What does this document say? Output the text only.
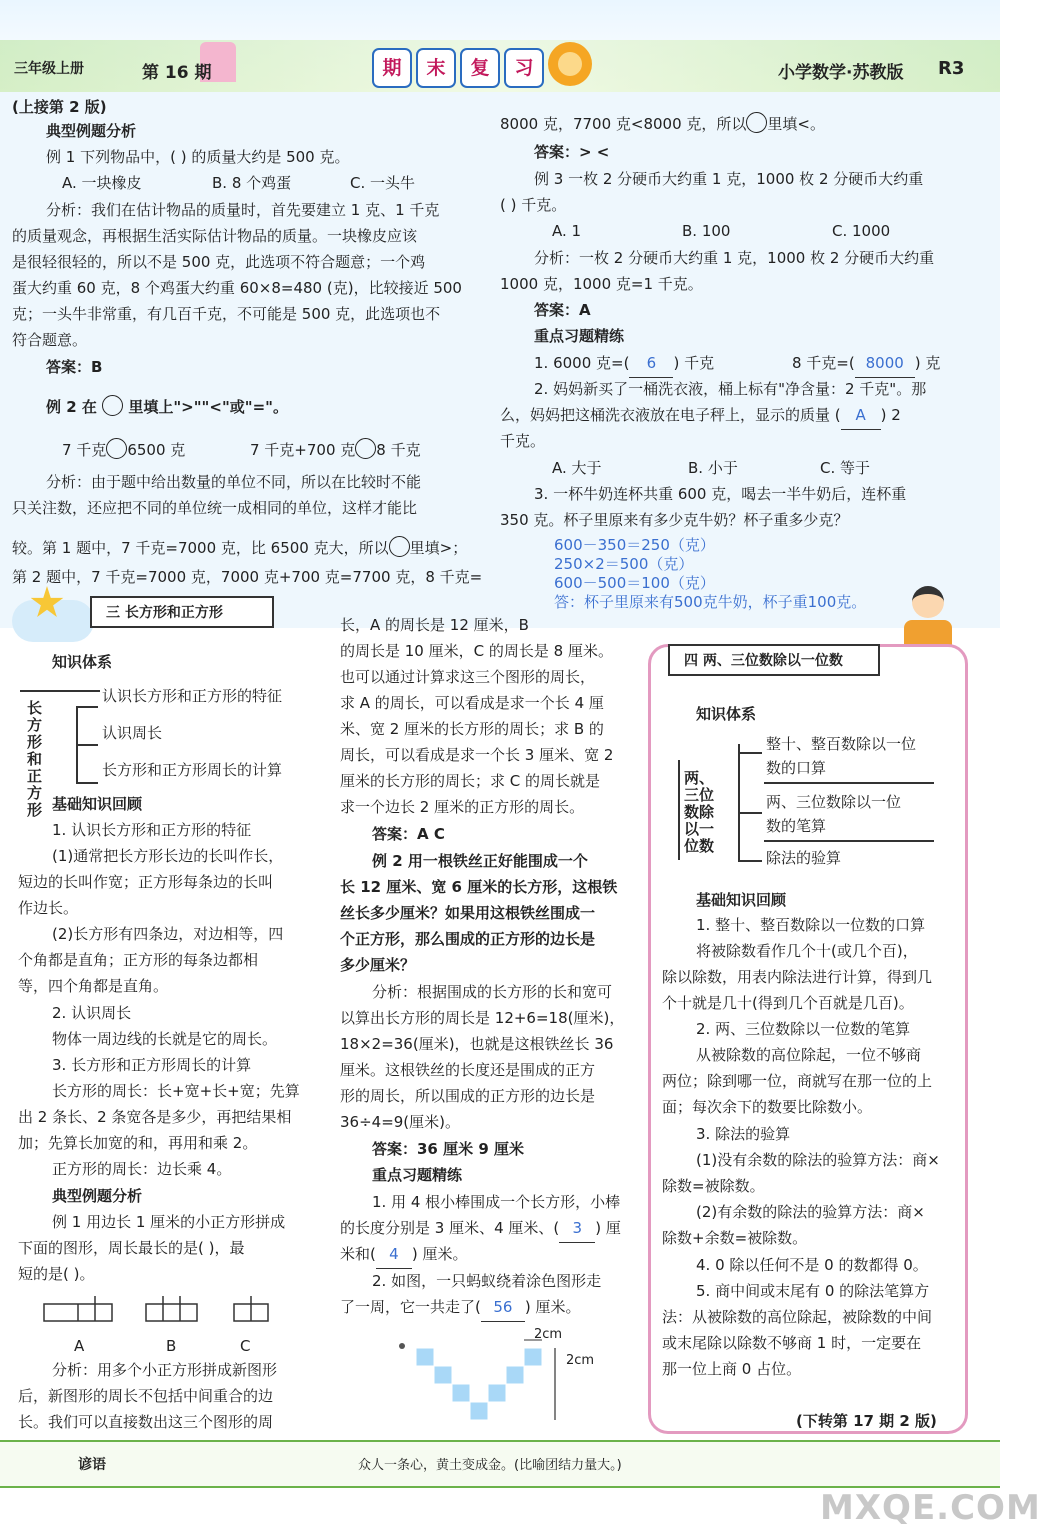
三年级上册	第 16 期	期	末	复	习	小学数学·苏教版 R3
(上接第 2 版)
典型例题分析
例 1 下列物品中，( ) 的质量大约是 500 克。
A. 一块橡皮	B. 8 个鸡蛋	C. 一头牛
分析：我们在估计物品的质量时，首先要建立 1 克、1 千克
的质量观念，再根据生活实际估计物品的质量。一块橡皮应该
是很轻很轻的，所以不是 500 克，此选项不符合题意；一个鸡
蛋大约重 60 克，8 个鸡蛋大约重 60×8=480 (克)，比较接近 500
克；一头牛非常重，有几百千克，不可能是 500 克，此选项也不
符合题意。
答案：B
例 2 在 里填上">""<"或"="。
7 千克 6500 克	7 千克+700 克 8 千克
分析：由于题中给出数量的单位不同，所以在比较时不能
只关注数，还应把不同的单位统一成相同的单位，这样才能比
较。第 1 题中，7 千克=7000 克，比 6500 克大，所以 里填>；
第 2 题中，7 千克=7000 克，7000 克+700 克=7700 克，8 千克=
8000 克，7700 克<8000 克，所以 里填<。
答案：> <
例 3 一枚 2 分硬币大约重 1 克，1000 枚 2 分硬币大约重
( ) 千克。
A. 1	B. 100	C. 1000
分析：一枚 2 分硬币大约重 1 克，1000 枚 2 分硬币大约重
1000 克，1000 克=1 千克。
答案：A
重点习题精练
1. 6000 克=( 6 ) 千克	8 千克=( 8000 ) 克
2. 妈妈新买了一桶洗衣液，桶上标有"净含量：2 千克"。那
么，妈妈把这桶洗衣液放在电子秤上，显示的质量 ( A ) 2
千克。
A. 大于	B. 小于	C. 等于
3. 一杯牛奶连杯共重 600 克，喝去一半牛奶后，连杯重
350 克。杯子里原来有多少克牛奶？杯子重多少克？
600－350＝250（克）
250×2＝500（克）
600－500＝100（克）
答：杯子里原来有500克牛奶，杯子重100克。
三 长方形和正方形
知识体系
长方形和正方形
认识长方形和正方形的特征
认识周长
长方形和正方形周长的计算
基础知识回顾
1. 认识长方形和正方形的特征
(1)通常把长方形长边的长叫作长，
短边的长叫作宽；正方形每条边的长叫
作边长。
(2)长方形有四条边，对边相等，四
个角都是直角；正方形的每条边都相
等，四个角都是直角。
2. 认识周长
物体一周边线的长就是它的周长。
3. 长方形和正方形周长的计算
长方形的周长：长+宽+长+宽；先算
出 2 条长、2 条宽各是多少，再把结果相
加；先算长加宽的和，再用和乘 2。
正方形的周长：边长乘 4。
典型例题分析
例 1 用边长 1 厘米的小正方形拼成
下面的图形，周长最长的是( )，最
短的是( )。
A	B	C
分析：用多个小正方形拼成新图形
后，新图形的周长不包括中间重合的边
长。我们可以直接数出这三个图形的周
长，A 的周长是 12 厘米，B
的周长是 10 厘米，C 的周长是 8 厘米。
也可以通过计算求这三个图形的周长，
求 A 的周长，可以看成是求一个长 4 厘
米、宽 2 厘米的长方形的周长；求 B 的
周长，可以看成是求一个长 3 厘米、宽 2
厘米的长方形的周长；求 C 的周长就是
求一个边长 2 厘米的正方形的周长。
答案：A C
例 2 用一根铁丝正好能围成一个
长 12 厘米、宽 6 厘米的长方形，这根铁
丝长多少厘米？如果用这根铁丝围成一
个正方形，那么围成的正方形的边长是
多少厘米？
分析：根据围成的长方形的长和宽可
以算出长方形的周长是 12+6=18(厘米)，
18×2=36(厘米)，也就是这根铁丝长 36
厘米。这根铁丝的长度还是围成的正方
形的周长，所以围成的正方形的边长是
36÷4=9(厘米)。
答案：36 厘米 9 厘米
重点习题精练
1. 用 4 根小棒围成一个长方形，小棒
的长度分别是 3 厘米、4 厘米、( 3 ) 厘
米和( 4 ) 厘米。
2. 如图，一只蚂蚁绕着涂色图形走
了一周，它一共走了( 56 ) 厘米。
2cm
2cm
四 两、三位数除以一位数
知识体系
两、三位数除以一位数
整十、整百数除以一位
数的口算
两、三位数除以一位
数的笔算
除法的验算
基础知识回顾
1. 整十、整百数除以一位数的口算
将被除数看作几个十(或几个百)，
除以除数，用表内除法进行计算，得到几
个十就是几十(得到几个百就是几百)。
2. 两、三位数除以一位数的笔算
从被除数的高位除起，一位不够商
两位；除到哪一位，商就写在那一位的上
面；每次余下的数要比除数小。
3. 除法的验算
(1)没有余数的除法的验算方法：商×
除数=被除数。
(2)有余数的除法的验算方法：商×
除数+余数=被除数。
4. 0 除以任何不是 0 的数都得 0。
5. 商中间或末尾有 0 的除法笔算方
法：从被除数的高位除起，被除数的中间
或末尾除以除数不够商 1 时，一定要在
那一位上商 0 占位。
(下转第 17 期 2 版)
谚语	众人一条心，黄土变成金。(比喻团结力量大。)
MXQE.COM
